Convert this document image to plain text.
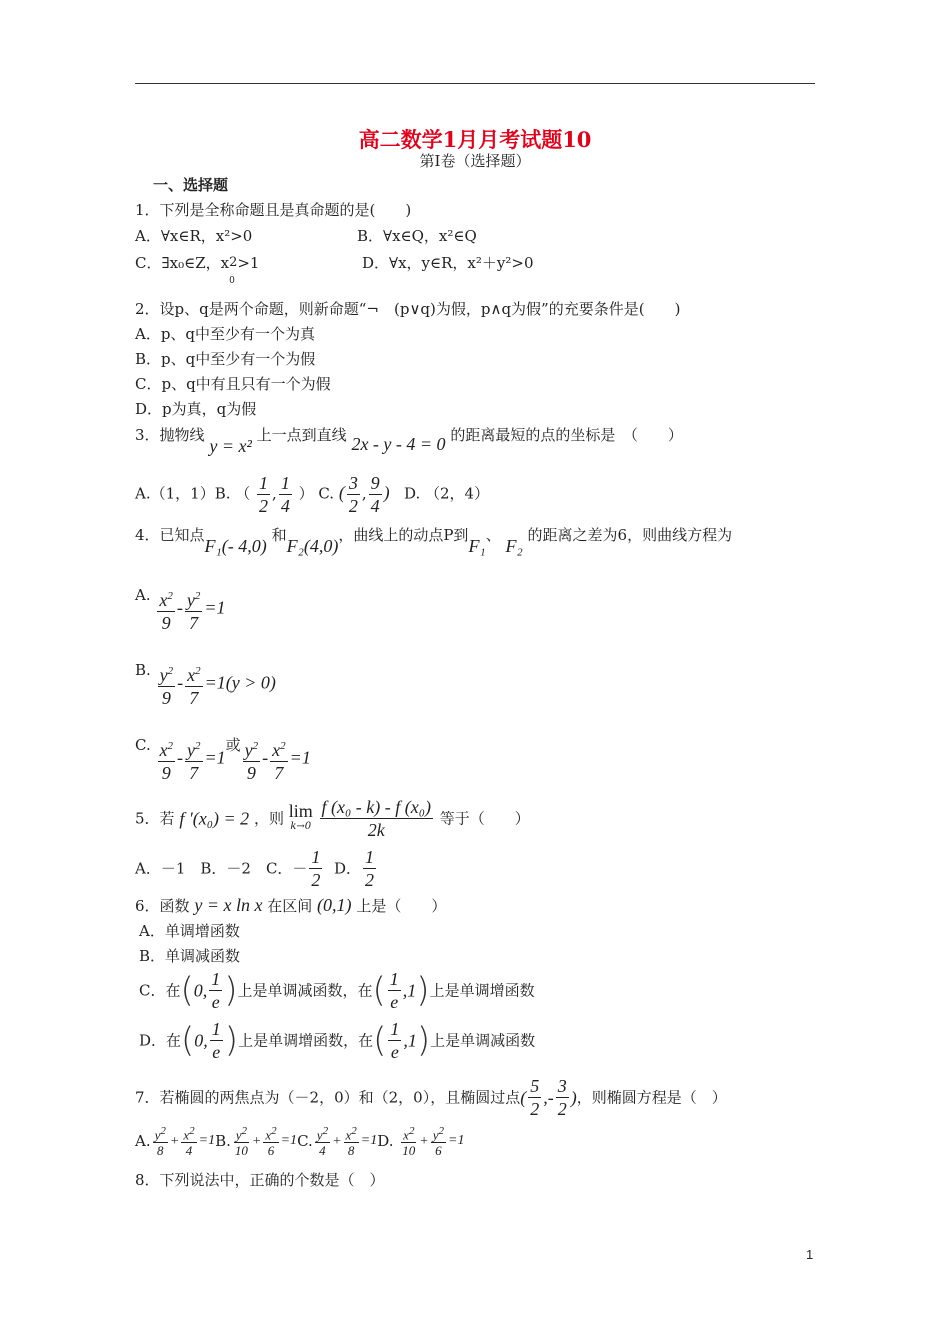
高二数学1月月考试题10
第Ⅰ卷（选择题）
一、选择题
1．下列是全称命题且是真命题的是(　　)
A．∀x∈R，x²>0	B．∀x∈Q，x²∈Q
C．∃x₀∈Z，x2
0
>1	D．∀x，y∈R，x²＋y²>0
2．设p、q是两个命题，则新命题“¬　(p∨q)为假，p∧q为假”的充要条件是(　　)
A．p、q中至少有一个为真
B．p、q中至少有一个为假
C．p、q中有且只有一个为假
D．p为真，q为假
3．抛物线 y = x² 上一点到直线 2x - y - 4 = 0 的距离最短的点的坐标是　（　　）
A.（1，1）B. （ $\frac{1}{2}$ , $\frac{1}{4}$ ） C. ( $\frac{3}{2}$ , $\frac{9}{4}$ ) D. （2，4）
4．已知点F₁(- 4,0) 和F₂(4,0)，曲线上的动点P到F₁、 F₂ 的距离之差为6，则曲线方程为
A. $\frac{x^2}{9} - \frac{y^2}{7} =1$
B. $\frac{y^2}{9} - \frac{x^2}{7} =1(y > 0)$
C. $\frac{x^2}{9} - \frac{y^2}{7} =1$或 $\frac{y^2}{9} - \frac{x^2}{7} =1$
5．若 f ′(x₀) = 2 ，则 lim
k→0
$\frac{\text{f (x₀ - k) - f (x₀)}}{2k}$ 等于（　　）
A．－1　B．－2　C．－ $\frac{1}{2}$ D． $\frac{1}{2}$
6．函数 y = x ln x 在区间 (0,1) 上是（　　）
A．单调增函数
B．单调减函数
C．在(0, $\frac{1}{e}$ )上是单调减函数，在( $\frac{1}{e} ,1$)上是单调增函数
D．在(0, $\frac{1}{e}$ )上是单调增函数，在( $\frac{1}{e} ,1$)上是单调减函数
7．若椭圆的两焦点为（－2，0）和（2，0），且椭圆过点( $\frac{5}{2}$ ,- $\frac{3}{2}$ )，则椭圆方程是（　）
A. $\frac{y^2}{8} + \frac{x^2}{4} =1B$. $\frac{y^2}{10} + \frac{x^2}{6} =1C$. $\frac{y^2}{4} + \frac{x^2}{8} =1D$. $\frac{x^2}{10} + \frac{y^2}{6} =1$
8．下列说法中，正确的个数是（　）
1
